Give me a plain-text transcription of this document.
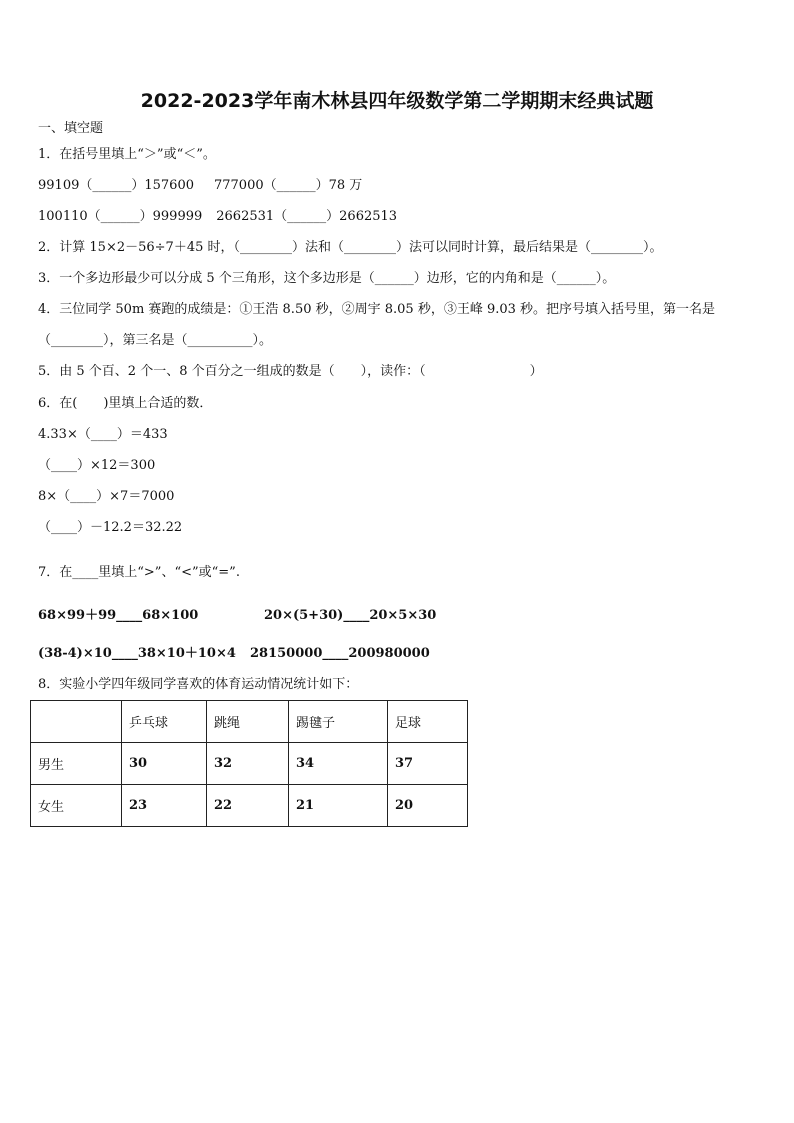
2022-2023学年南木林县四年级数学第二学期期末经典试题
一、填空题
1．在括号里填上“＞”或“＜”。
99109（______）157600 777000（______）78 万
100110（______）999999 2662531（______）2662513
2．计算 15×2－56÷7＋45 时，（________）法和（________）法可以同时计算，最后结果是（________）。
3．一个多边形最少可以分成 5 个三角形，这个多边形是（______）边形，它的内角和是（______）。
4．三位同学 50m 赛跑的成绩是：①王浩 8.50 秒，②周宇 8.05 秒，③王峰 9.03 秒。把序号填入括号里，第一名是
（________），第三名是（__________）。
5．由 5 个百、2 个一、8 个百分之一组成的数是（　　），读作：（　　　　　　　　）
6．在(　　)里填上合适的数．
4.33×（____）＝433
（____）×12＝300
8×（____）×7＝7000
（____）－12.2＝32.22
7．在____里填上“>”、“<”或“=”.
68×99＋99____68×100	20×(5+30)____20×5×30
(38-4)×10____38×10＋10×4 28150000____200980000
8．实验小学四年级同学喜欢的体育运动情况统计如下：
	乒乓球	跳绳	踢毽子	足球
男生	30	32	34	37
女生	23	22	21	20
